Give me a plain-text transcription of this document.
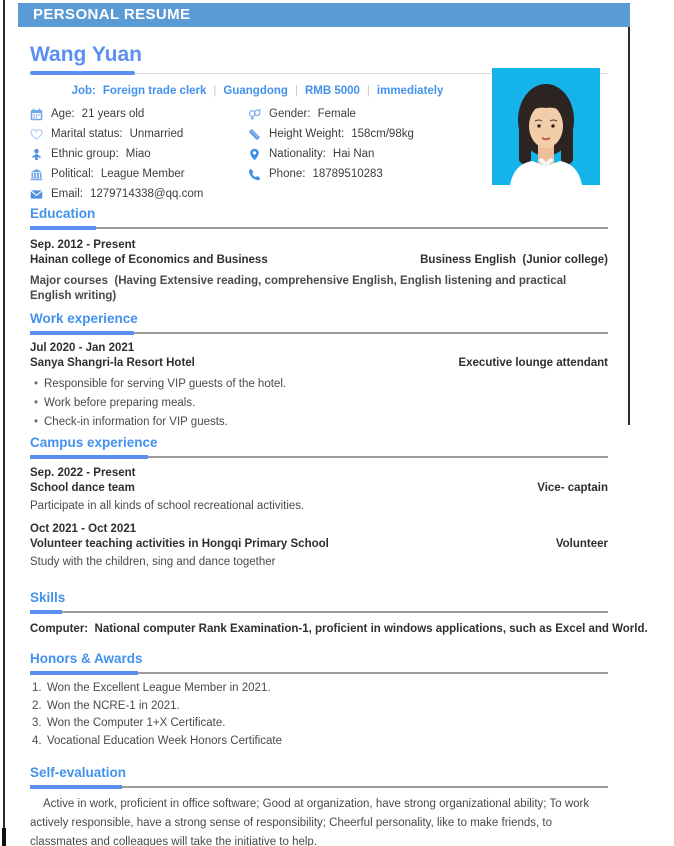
PERSONAL RESUME
Wang Yuan
Job: Foreign trade clerk | Guangdong | RMB 5000 | immediately
Age: 21 years old
Marital status: Unmarried
Ethnic group: Miao
Political: League Member
Email: 1279714338@qq.com
Gender: Female
Height Weight: 158cm/98kg
Nationality: Hai Nan
Phone: 18789510283
Education
Sep. 2012 - Present
Hainan college of Economics and Business	Business English  (Junior college)
Major courses  (Having Extensive reading, comprehensive English, English listening and practical English writing)
Work experience
Jul 2020 - Jan 2021
Sanya Shangri-la Resort Hotel	Executive lounge attendant
• Responsible for serving VIP guests of the hotel.
• Work before preparing meals.
• Check-in information for VIP guests.
Campus experience
Sep. 2022 - Present
School dance team	Vice- captain
Participate in all kinds of school recreational activities.
Oct 2021 - Oct 2021
Volunteer teaching activities in Hongqi Primary School	Volunteer
Study with the children, sing and dance together
Skills
Computer:  National computer Rank Examination-1, proficient in windows applications, such as Excel and World.
Honors & Awards
1. Won the Excellent League Member in 2021.
2. Won the NCRE-1 in 2021.
3. Won the Computer 1+X Certificate.
4. Vocational Education Week Honors Certificate
Self-evaluation
Active in work, proficient in office software; Good at organization, have strong organizational ability; To work actively responsible, have a strong sense of responsibility; Cheerful personality, like to make friends, to classmates and colleagues will take the initiative to help.
